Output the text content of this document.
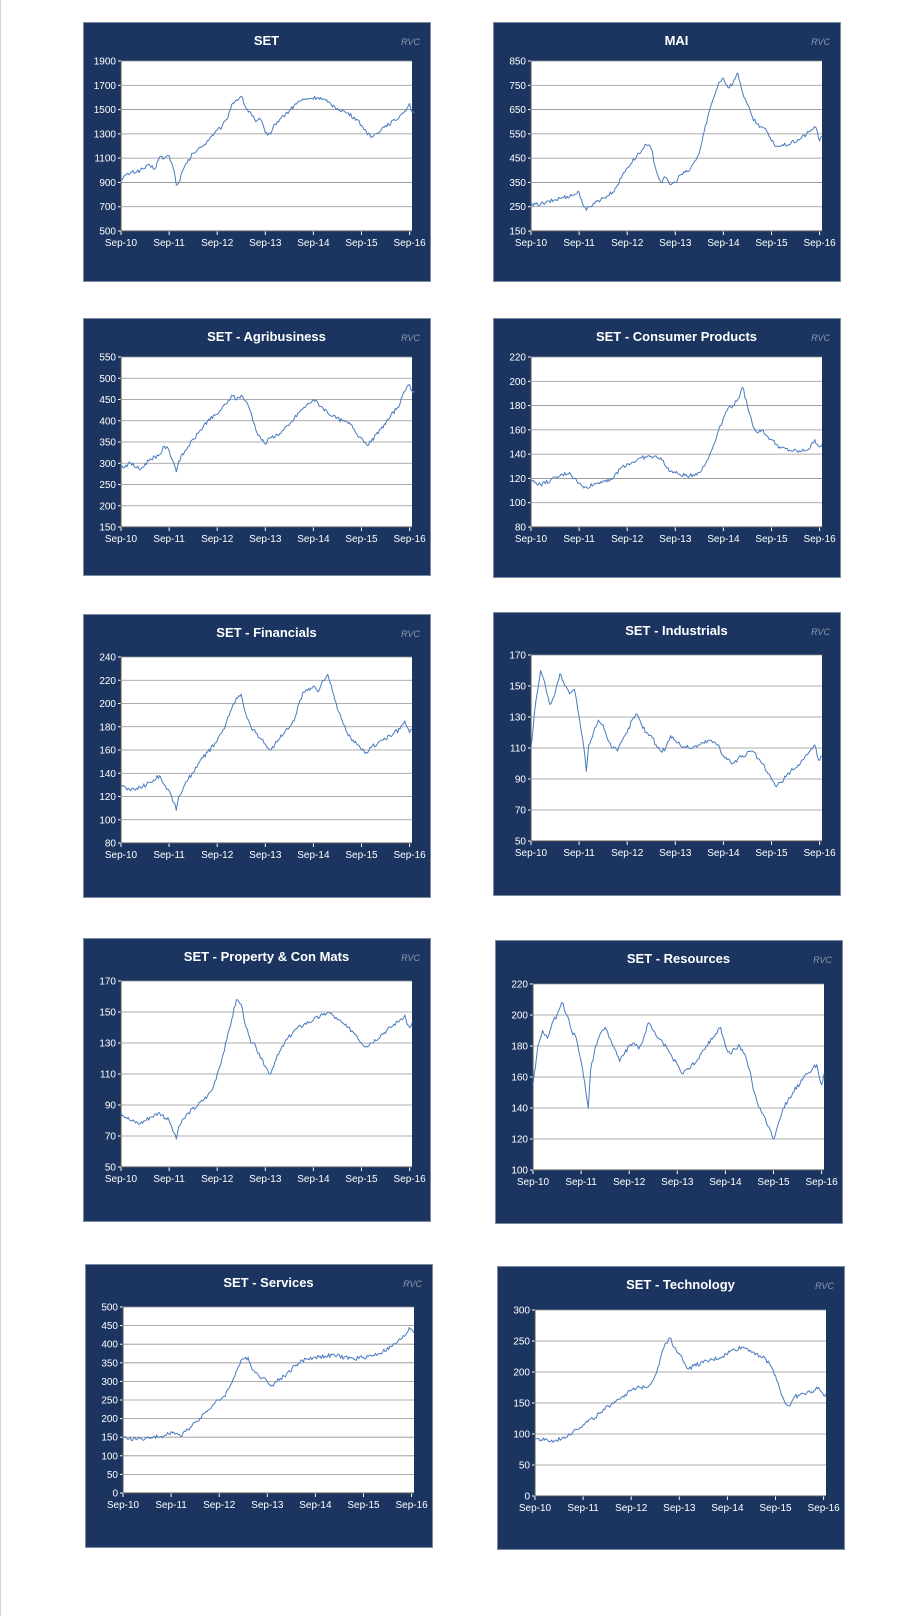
SET	RVC
500
700
900
1100
1300
1500
1700
1900
Sep-10 Sep-11 Sep-12 Sep-13 Sep-14 Sep-15 Sep-16
MAI	RVC
150
250
350
450
550
650
750
850
Sep-10 Sep-11 Sep-12 Sep-13 Sep-14 Sep-15 Sep-16
SET - Agribusiness	RVC
150
200
250
300
350
400
450
500
550
Sep-10 Sep-11 Sep-12 Sep-13 Sep-14 Sep-15 Sep-16
SET - Consumer Products	RVC
80
100
120
140
160
180
200
220
Sep-10 Sep-11 Sep-12 Sep-13 Sep-14 Sep-15 Sep-16
SET - Financials	RVC
80
100
120
140
160
180
200
220
240
Sep-10 Sep-11 Sep-12 Sep-13 Sep-14 Sep-15 Sep-16
SET - Industrials	RVC
50
70
90
110
130
150
170
Sep-10 Sep-11 Sep-12 Sep-13 Sep-14 Sep-15 Sep-16
SET - Property & Con Mats	RVC
50
70
90
110
130
150
170
Sep-10 Sep-11 Sep-12 Sep-13 Sep-14 Sep-15 Sep-16
SET - Resources	RVC
100
120
140
160
180
200
220
Sep-10 Sep-11 Sep-12 Sep-13 Sep-14 Sep-15 Sep-16
SET - Services	RVC
0
50
100
150
200
250
300
350
400
450
500
Sep-10 Sep-11 Sep-12 Sep-13 Sep-14 Sep-15 Sep-16
SET - Technology	RVC
0
50
100
150
200
250
300
Sep-10 Sep-11 Sep-12 Sep-13 Sep-14 Sep-15 Sep-16
